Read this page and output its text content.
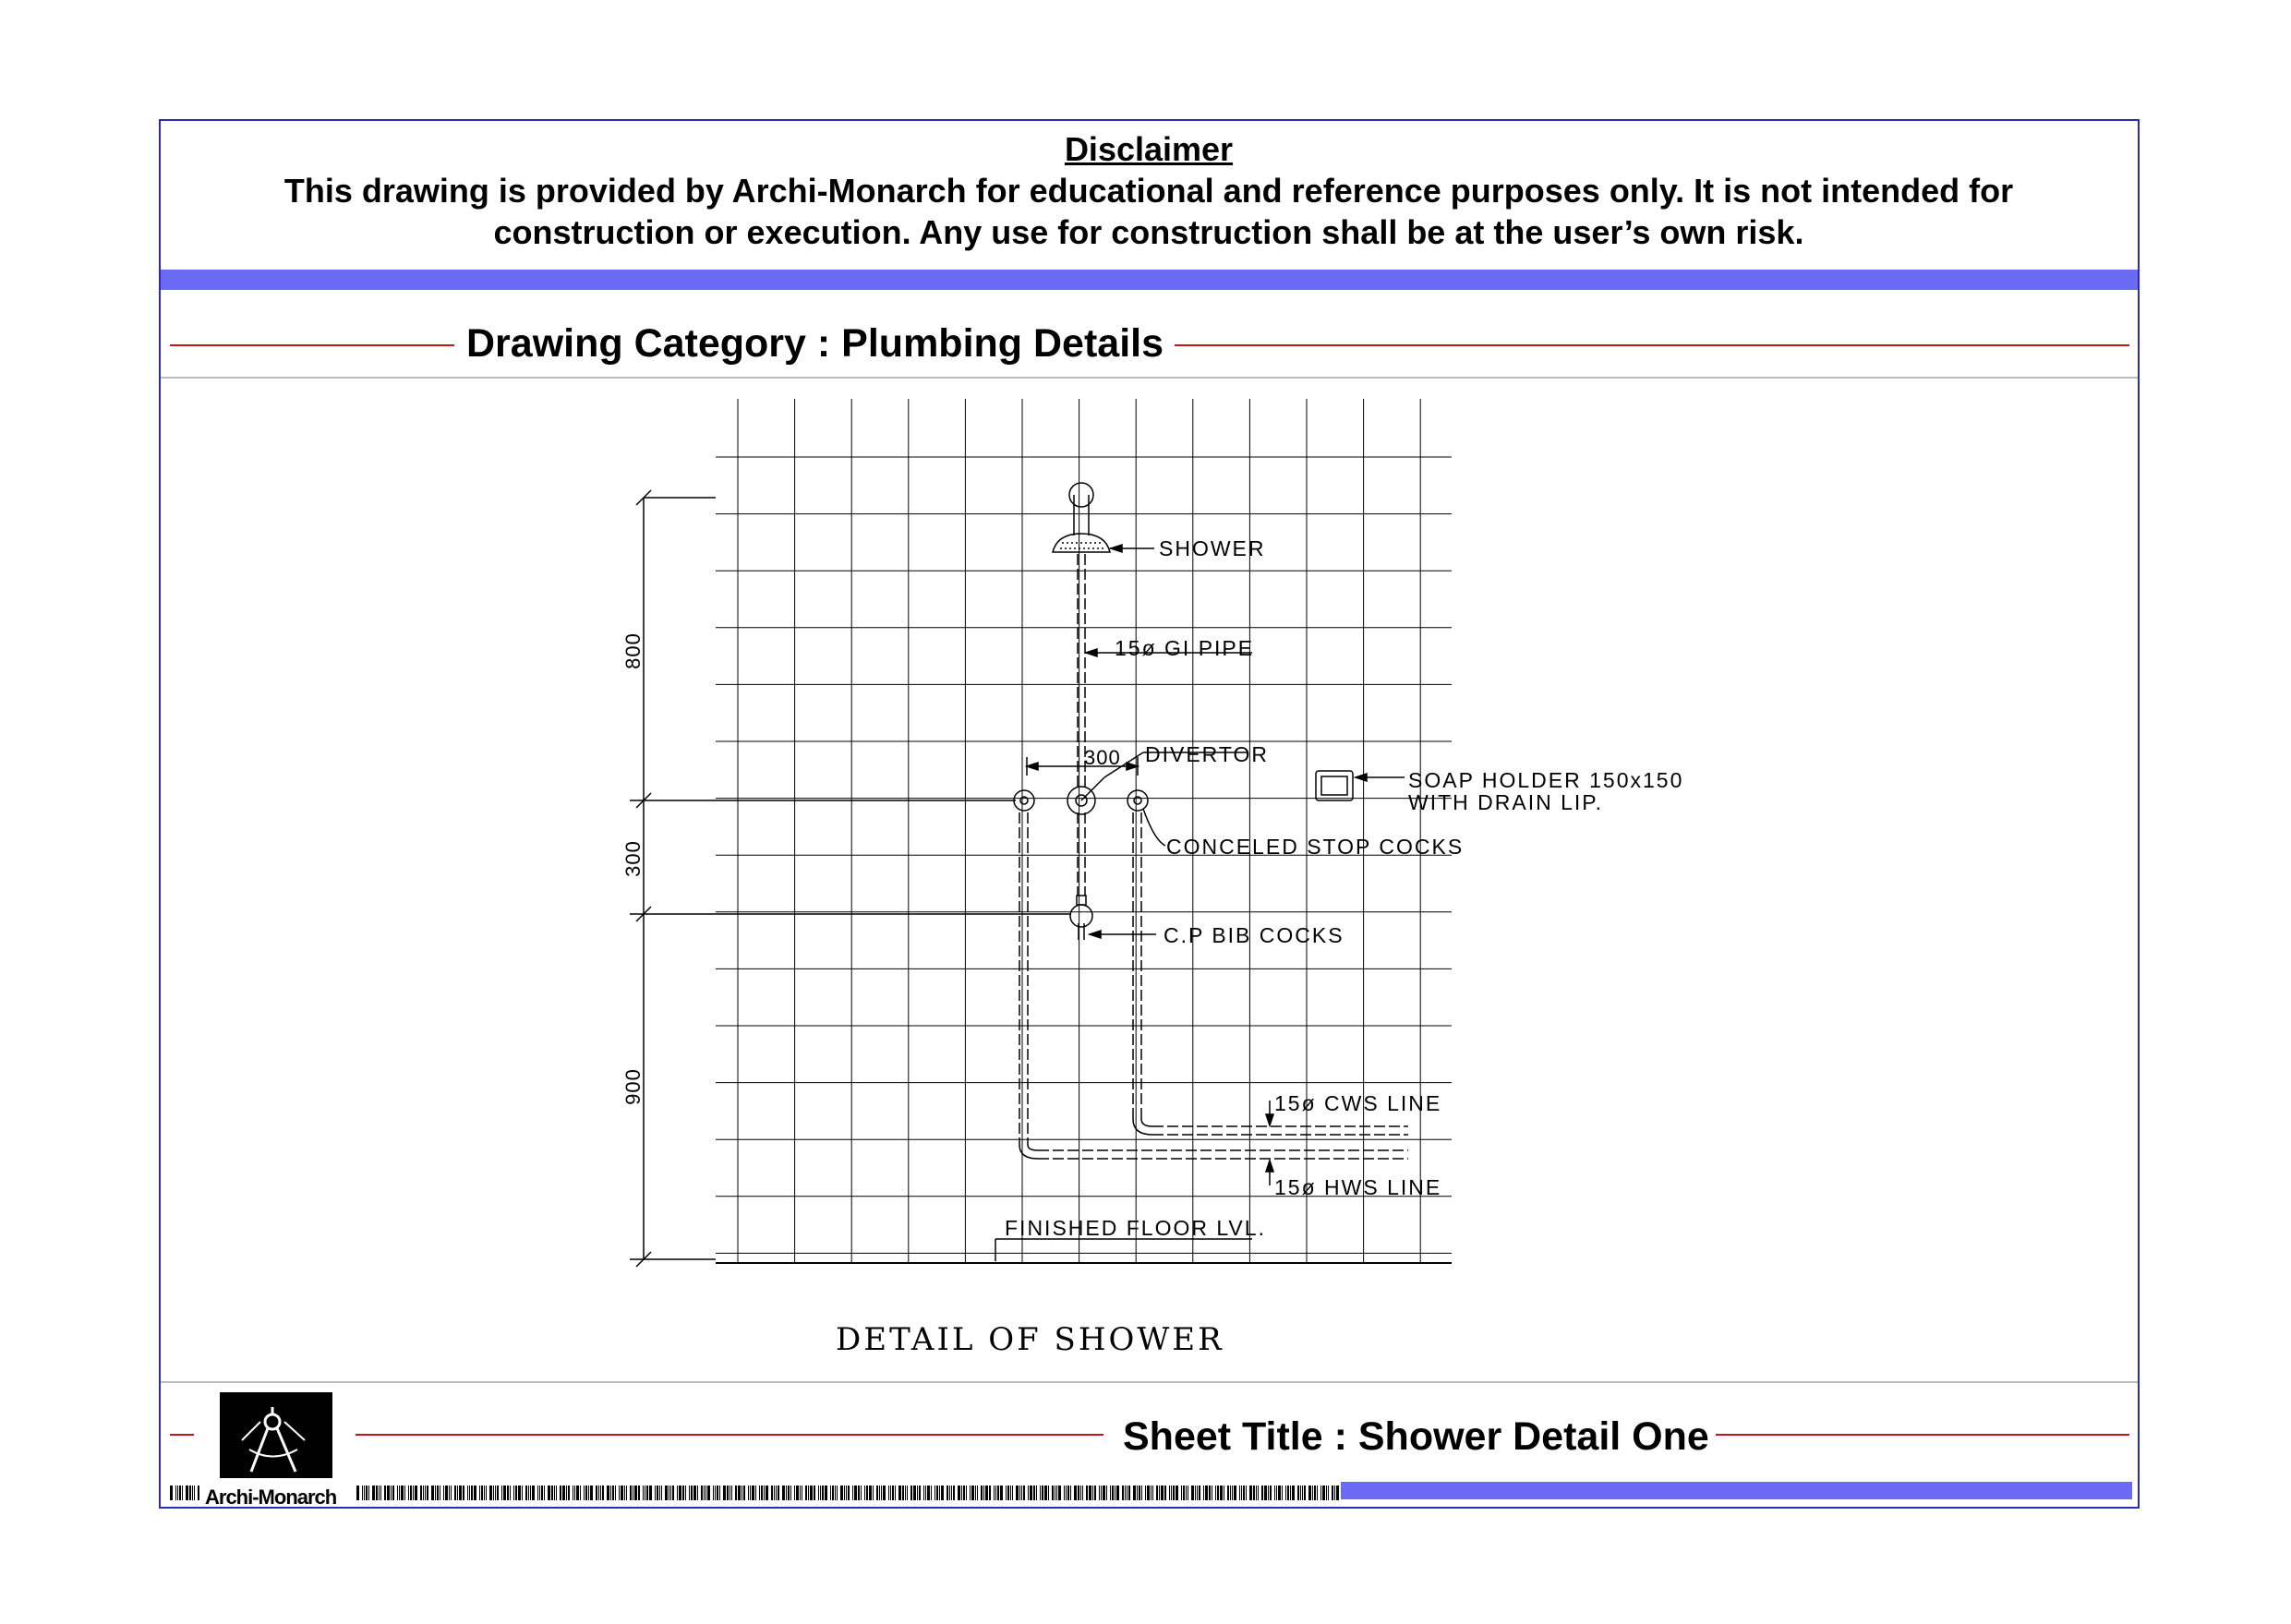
800
300
900
SHOWER
15ø GI PIPE
300 DIVERTOR
SOAP HOLDER 150x150
WITH DRAIN LIP.
CONCELED STOP COCKS
C.P BIB COCKS
15ø CWS LINE
15ø HWS LINE
FINISHED FLOOR LVL.
DETAIL OF SHOWER
Disclaimer
This drawing is provided by Archi-Monarch for educational and reference purposes only. It is not intended for
construction or execution. Any use for construction shall be at the user’s own risk.
Drawing Category : Plumbing Details
Sheet Title : Shower Detail One
Archi-Monarch
